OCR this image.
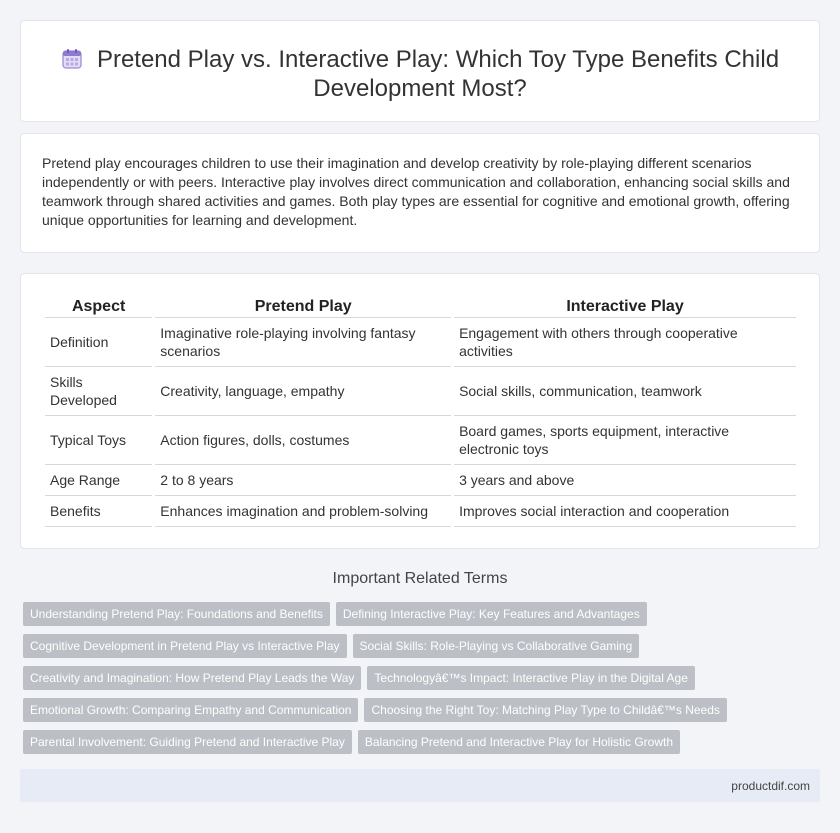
Pretend Play vs. Interactive Play: Which Toy Type Benefits Child Development Most?

Pretend play encourages children to use their imagination and develop creativity by role-playing different scenarios independently or with peers. Interactive play involves direct communication and collaboration, enhancing social skills and teamwork through shared activities and games. Both play types are essential for cognitive and emotional growth, offering unique opportunities for learning and development.

Aspect	Pretend Play	Interactive Play
Definition	Imaginative role-playing involving fantasy scenarios	Engagement with others through cooperative activities
Skills Developed	Creativity, language, empathy	Social skills, communication, teamwork
Typical Toys	Action figures, dolls, costumes	Board games, sports equipment, interactive electronic toys
Age Range	2 to 8 years	3 years and above
Benefits	Enhances imagination and problem-solving	Improves social interaction and cooperation
Important Related Terms
Understanding Pretend Play: Foundations and Benefits Defining Interactive Play: Key Features and Advantages
Cognitive Development in Pretend Play vs Interactive Play Social Skills: Role-Playing vs Collaborative Gaming
Creativity and Imagination: How Pretend Play Leads the Way Technologyâ€™s Impact: Interactive Play in the Digital Age
Emotional Growth: Comparing Empathy and Communication Choosing the Right Toy: Matching Play Type to Childâ€™s Needs
Parental Involvement: Guiding Pretend and Interactive Play Balancing Pretend and Interactive Play for Holistic Growth
productdif.com
